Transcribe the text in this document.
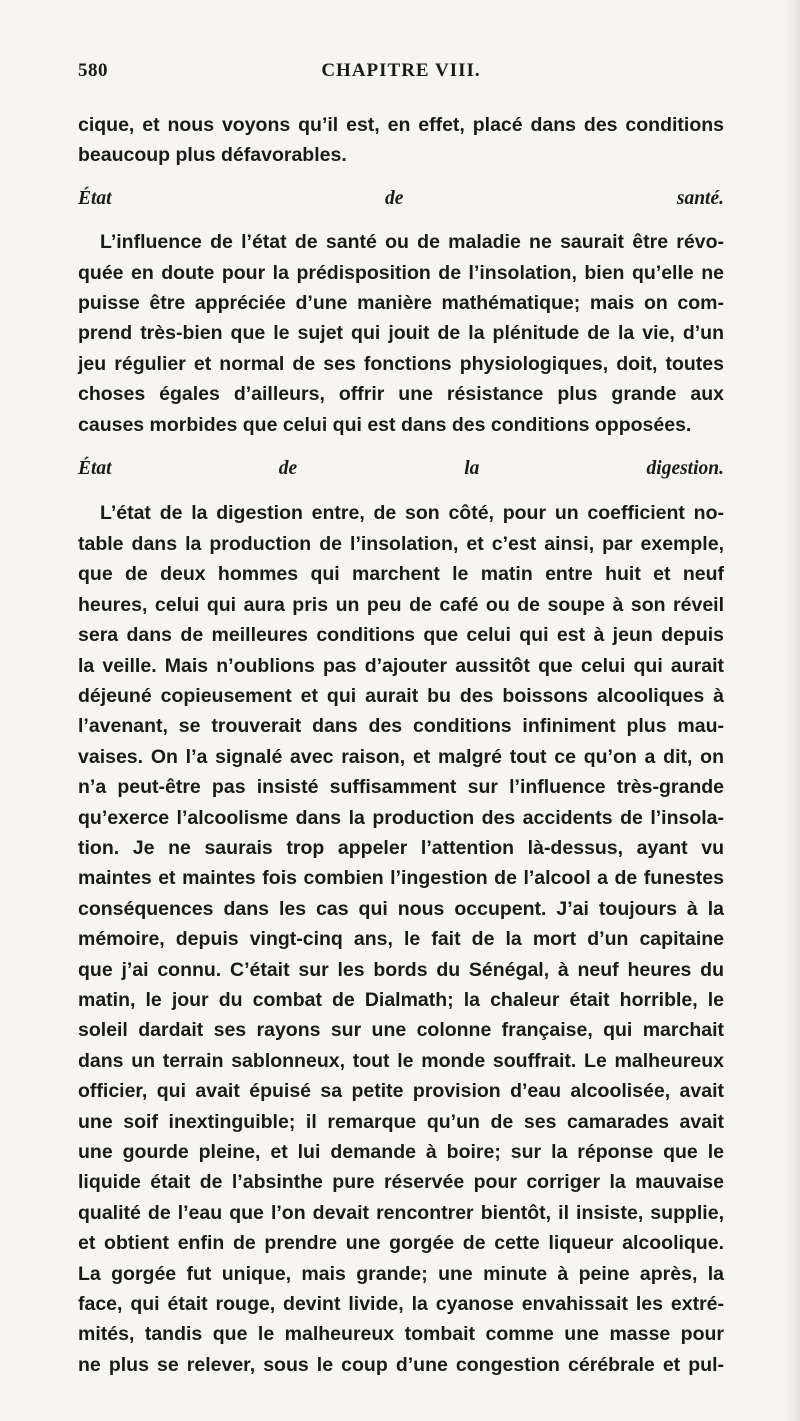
CHAPITRE VIII.
580

cique, et nous voyons qu’il est, en effet, placé dans des conditions

beaucoup plus défavorables.

État de santé.

L’influence de l’état de santé ou de maladie ne saurait être révo-

quée en doute pour la prédisposition de l’insolation, bien qu’elle ne

puisse être appréciée d’une manière mathématique; mais on com-

prend très-bien que le sujet qui jouit de la plénitude de la vie, d’un

jeu régulier et normal de ses fonctions physiologiques, doit, toutes

choses égales d’ailleurs, offrir une résistance plus grande aux

causes morbides que celui qui est dans des conditions opposées.

État de la digestion.

L’état de la digestion entre, de son côté, pour un coefficient no-

table dans la production de l’insolation, et c’est ainsi, par exemple,

que de deux hommes qui marchent le matin entre huit et neuf

heures, celui qui aura pris un peu de café ou de soupe à son réveil

sera dans de meilleures conditions que celui qui est à jeun depuis

la veille. Mais n’oublions pas d’ajouter aussitôt que celui qui aurait

déjeuné copieusement et qui aurait bu des boissons alcooliques à

l’avenant, se trouverait dans des conditions infiniment plus mau-

vaises. On l’a signalé avec raison, et malgré tout ce qu’on a dit, on

n’a peut-être pas insisté suffisamment sur l’influence très-grande

qu’exerce l’alcoolisme dans la production des accidents de l’insola-

tion. Je ne saurais trop appeler l’attention là-dessus, ayant vu

maintes et maintes fois combien l’ingestion de l’alcool a de funestes

conséquences dans les cas qui nous occupent. J’ai toujours à la

mémoire, depuis vingt-cinq ans, le fait de la mort d’un capitaine

que j’ai connu. C’était sur les bords du Sénégal, à neuf heures du

matin, le jour du combat de Dialmath; la chaleur était horrible, le

soleil dardait ses rayons sur une colonne française, qui marchait

dans un terrain sablonneux, tout le monde souffrait. Le malheureux

officier, qui avait épuisé sa petite provision d’eau alcoolisée, avait

une soif inextinguible; il remarque qu’un de ses camarades avait

une gourde pleine, et lui demande à boire; sur la réponse que le

liquide était de l’absinthe pure réservée pour corriger la mauvaise

qualité de l’eau que l’on devait rencontrer bientôt, il insiste, supplie,

et obtient enfin de prendre une gorgée de cette liqueur alcoolique.

La gorgée fut unique, mais grande; une minute à peine après, la

face, qui était rouge, devint livide, la cyanose envahissait les extré-

mités, tandis que le malheureux tombait comme une masse pour

ne plus se relever, sous le coup d’une congestion cérébrale et pul-
